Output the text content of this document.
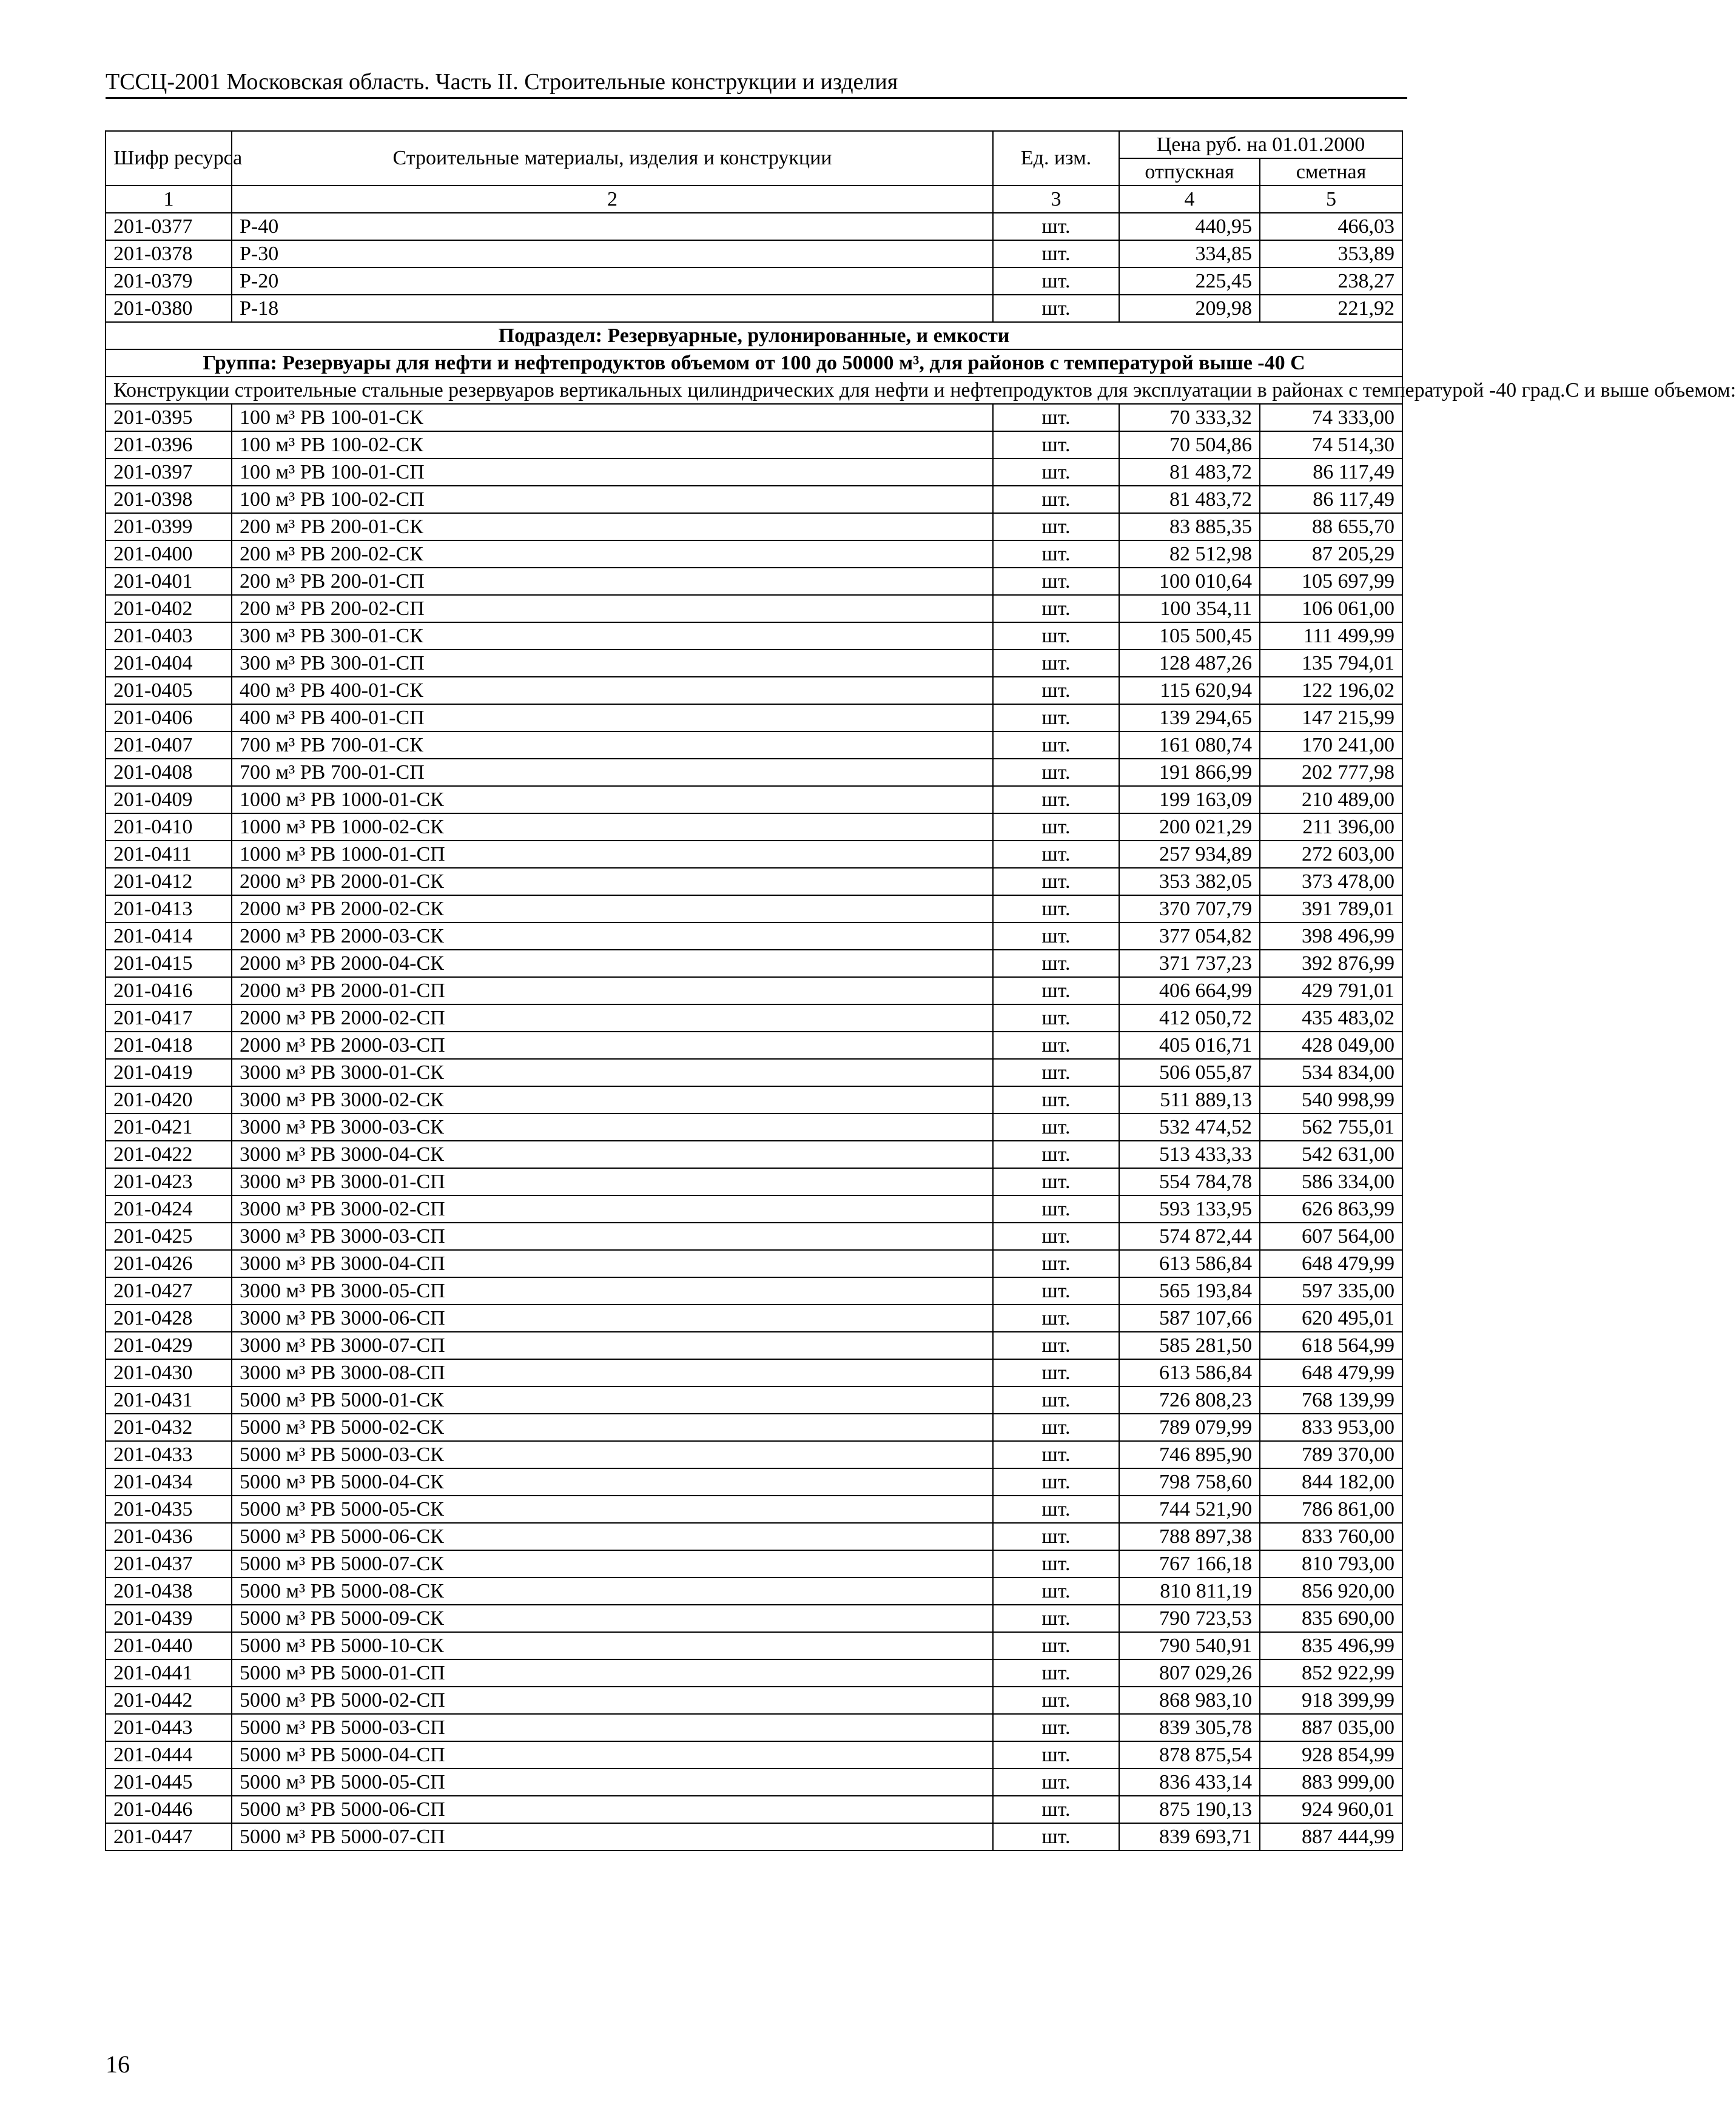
ТССЦ-2001 Московская область. Часть II. Строительные конструкции и изделия
Шифр ресурса	Строительные материалы, изделия и конструкции	Ед. изм.	Цена руб. на 01.01.2000	
			отпускная	сметная
1	2	3	4	5
201-0377	Р-40	шт.	440,95	466,03
201-0378	Р-30	шт.	334,85	353,89
201-0379	Р-20	шт.	225,45	238,27
201-0380	Р-18	шт.	209,98	221,92
Подраздел: Резервуарные, рулонированные, и емкости				
Группа: Резервуары для нефти и нефтепродуктов объемом от 100 до 50000 м³, для районов с температурой выше -40 С				
Конструкции строительные стальные резервуаров вертикальных цилиндрических для нефти и нефтепродуктов для эксплуатации в районах с температурой -40 град.С и выше объемом:				
201-0395	100 м³ РВ 100-01-СК	шт.	70 333,32	74 333,00
201-0396	100 м³ РВ 100-02-СК	шт.	70 504,86	74 514,30
201-0397	100 м³ РВ 100-01-СП	шт.	81 483,72	86 117,49
201-0398	100 м³ РВ 100-02-СП	шт.	81 483,72	86 117,49
201-0399	200 м³ РВ 200-01-СК	шт.	83 885,35	88 655,70
201-0400	200 м³ РВ 200-02-СК	шт.	82 512,98	87 205,29
201-0401	200 м³ РВ 200-01-СП	шт.	100 010,64	105 697,99
201-0402	200 м³ РВ 200-02-СП	шт.	100 354,11	106 061,00
201-0403	300 м³ РВ 300-01-СК	шт.	105 500,45	111 499,99
201-0404	300 м³ РВ 300-01-СП	шт.	128 487,26	135 794,01
201-0405	400 м³ РВ 400-01-СК	шт.	115 620,94	122 196,02
201-0406	400 м³ РВ 400-01-СП	шт.	139 294,65	147 215,99
201-0407	700 м³ РВ 700-01-СК	шт.	161 080,74	170 241,00
201-0408	700 м³ РВ 700-01-СП	шт.	191 866,99	202 777,98
201-0409	1000 м³ РВ 1000-01-СК	шт.	199 163,09	210 489,00
201-0410	1000 м³ РВ 1000-02-СК	шт.	200 021,29	211 396,00
201-0411	1000 м³ РВ 1000-01-СП	шт.	257 934,89	272 603,00
201-0412	2000 м³ РВ 2000-01-СК	шт.	353 382,05	373 478,00
201-0413	2000 м³ РВ 2000-02-СК	шт.	370 707,79	391 789,01
201-0414	2000 м³ РВ 2000-03-СК	шт.	377 054,82	398 496,99
201-0415	2000 м³ РВ 2000-04-СК	шт.	371 737,23	392 876,99
201-0416	2000 м³ РВ 2000-01-СП	шт.	406 664,99	429 791,01
201-0417	2000 м³ РВ 2000-02-СП	шт.	412 050,72	435 483,02
201-0418	2000 м³ РВ 2000-03-СП	шт.	405 016,71	428 049,00
201-0419	3000 м³ РВ 3000-01-СК	шт.	506 055,87	534 834,00
201-0420	3000 м³ РВ 3000-02-СК	шт.	511 889,13	540 998,99
201-0421	3000 м³ РВ 3000-03-СК	шт.	532 474,52	562 755,01
201-0422	3000 м³ РВ 3000-04-СК	шт.	513 433,33	542 631,00
201-0423	3000 м³ РВ 3000-01-СП	шт.	554 784,78	586 334,00
201-0424	3000 м³ РВ 3000-02-СП	шт.	593 133,95	626 863,99
201-0425	3000 м³ РВ 3000-03-СП	шт.	574 872,44	607 564,00
201-0426	3000 м³ РВ 3000-04-СП	шт.	613 586,84	648 479,99
201-0427	3000 м³ РВ 3000-05-СП	шт.	565 193,84	597 335,00
201-0428	3000 м³ РВ 3000-06-СП	шт.	587 107,66	620 495,01
201-0429	3000 м³ РВ 3000-07-СП	шт.	585 281,50	618 564,99
201-0430	3000 м³ РВ 3000-08-СП	шт.	613 586,84	648 479,99
201-0431	5000 м³ РВ 5000-01-СК	шт.	726 808,23	768 139,99
201-0432	5000 м³ РВ 5000-02-СК	шт.	789 079,99	833 953,00
201-0433	5000 м³ РВ 5000-03-СК	шт.	746 895,90	789 370,00
201-0434	5000 м³ РВ 5000-04-СК	шт.	798 758,60	844 182,00
201-0435	5000 м³ РВ 5000-05-СК	шт.	744 521,90	786 861,00
201-0436	5000 м³ РВ 5000-06-СК	шт.	788 897,38	833 760,00
201-0437	5000 м³ РВ 5000-07-СК	шт.	767 166,18	810 793,00
201-0438	5000 м³ РВ 5000-08-СК	шт.	810 811,19	856 920,00
201-0439	5000 м³ РВ 5000-09-СК	шт.	790 723,53	835 690,00
201-0440	5000 м³ РВ 5000-10-СК	шт.	790 540,91	835 496,99
201-0441	5000 м³ РВ 5000-01-СП	шт.	807 029,26	852 922,99
201-0442	5000 м³ РВ 5000-02-СП	шт.	868 983,10	918 399,99
201-0443	5000 м³ РВ 5000-03-СП	шт.	839 305,78	887 035,00
201-0444	5000 м³ РВ 5000-04-СП	шт.	878 875,54	928 854,99
201-0445	5000 м³ РВ 5000-05-СП	шт.	836 433,14	883 999,00
201-0446	5000 м³ РВ 5000-06-СП	шт.	875 190,13	924 960,01
201-0447	5000 м³ РВ 5000-07-СП	шт.	839 693,71	887 444,99
16
